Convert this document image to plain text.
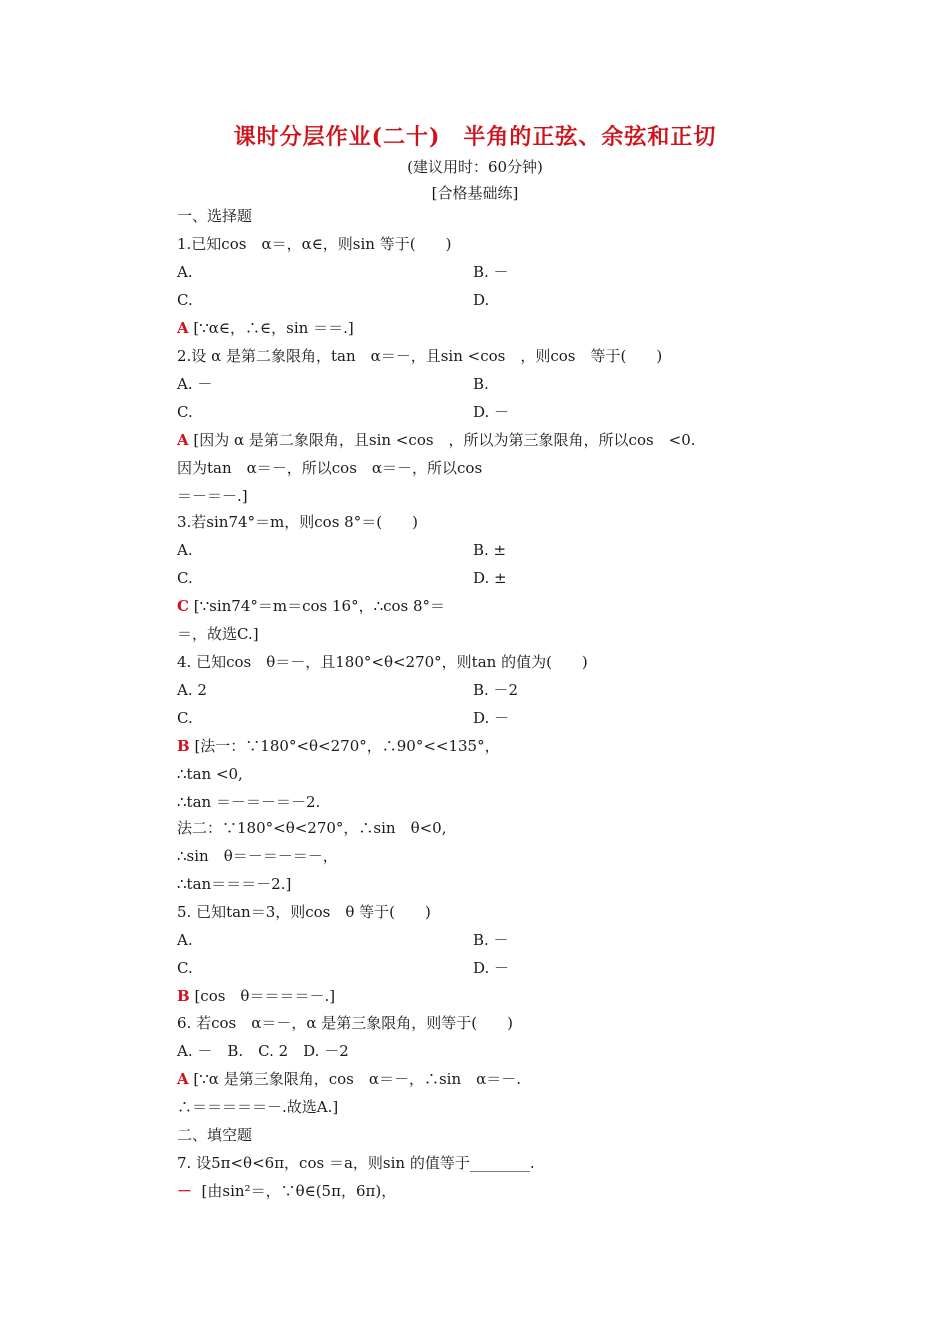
课时分层作业(二十)　半角的正弦、余弦和正切
(建议用时：60分钟)
[合格基础练]
一、选择题
1.已知cos　α＝，α∈，则sin 等于(　　)
A.	B. －
C.	D.
A [∵α∈，∴∈，sin ＝＝.]
2.设 α 是第二象限角，tan　α＝－，且sin <cos　，则cos　等于(　　)
A. －	B.
C.	D. －
A [因为 α 是第二象限角，且sin <cos　，所以为第三象限角，所以cos　<0.
因为tan　α＝－，所以cos　α＝－，所以cos
＝－＝－.]
3.若sin74°＝m，则cos 8°＝(　　)
A.	B. ±
C.	D. ±
C [∵sin74°＝m＝cos 16°，∴cos 8°＝
＝，故选C.]
4. 已知cos　θ＝－，且180°<θ<270°，则tan 的值为(　　)
A. 2	B. －2
C.	D. －
B [法一：∵180°<θ<270°，∴90°<<135°，
∴tan <0,
∴tan ＝－＝－＝－2.
法二：∵180°<θ<270°，∴sin　θ<0,
∴sin　θ＝－＝－＝－，
∴tan＝＝＝－2.]
5. 已知tan＝3，则cos　θ 等于(　　)
A.	B. －
C.	D. －
B [cos　θ＝＝＝＝－.]
6. 若cos　α＝－，α 是第三象限角，则等于(　　)
A. －　B.　C. 2　D. －2
A [∵α 是第三象限角，cos　α＝－，∴sin　α＝－.
∴＝＝＝＝＝－.故选A.]
二、填空题
7. 设5π<θ<6π，cos ＝a，则sin 的值等于________.
－  [由sin²＝，∵θ∈(5π，6π)，
